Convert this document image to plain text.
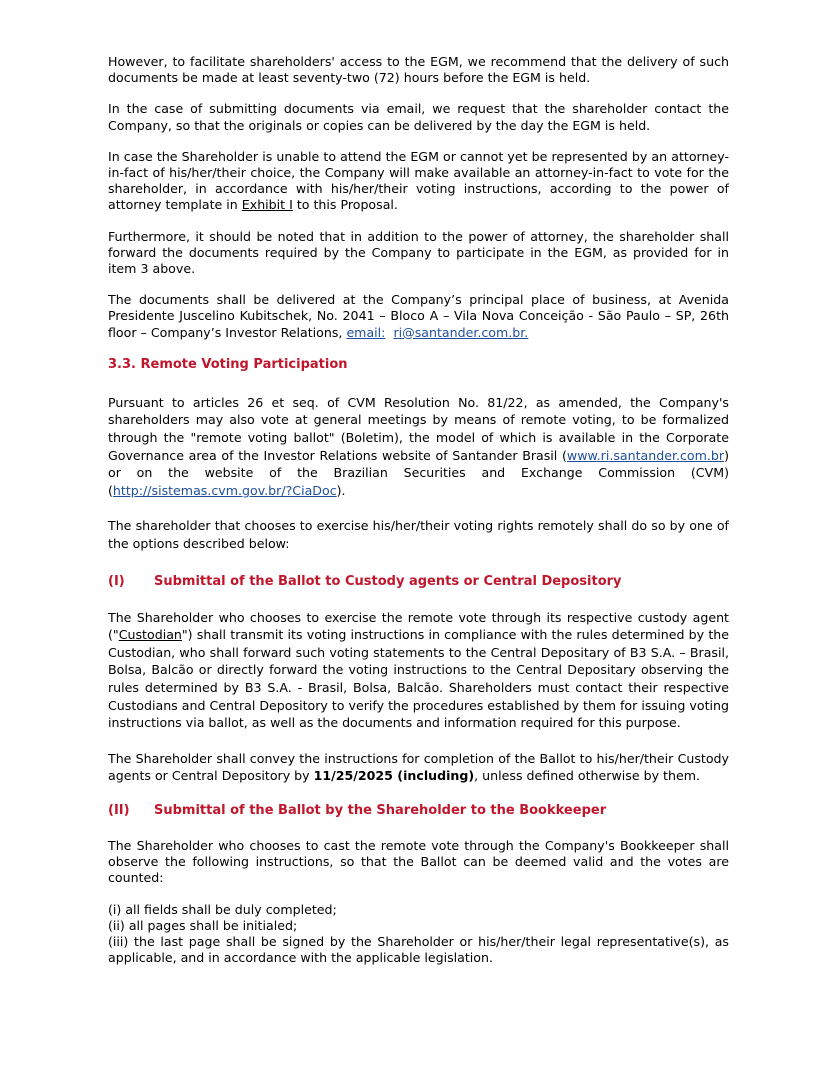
However, to facilitate shareholders' access to the EGM, we recommend that the delivery of such documents be made at least seventy-two (72) hours before the EGM is held.

In the case of submitting documents via email, we request that the shareholder contact the Company, so that the originals or copies can be delivered by the day the EGM is held.

In case the Shareholder is unable to attend the EGM or cannot yet be represented by an attorney-in-fact of his/her/their choice, the Company will make available an attorney-in-fact to vote for the shareholder, in accordance with his/her/their voting instructions, according to the power of attorney template in Exhibit I to this Proposal.

Furthermore, it should be noted that in addition to the power of attorney, the shareholder shall forward the documents required by the Company to participate in the EGM, as provided for in item 3 above.

The documents shall be delivered at the Company’s principal place of business, at Avenida Presidente Juscelino Kubitschek, No. 2041 – Bloco A – Vila Nova Conceição - São Paulo – SP, 26th floor – Company’s Investor Relations, email: ri@santander.com.br.

3.3. Remote Voting Participation

Pursuant to articles 26 et seq. of CVM Resolution No. 81/22, as amended, the Company's shareholders may also vote at general meetings by means of remote voting, to be formalized through the "remote voting ballot" (Boletim), the model of which is available in the Corporate Governance area of the Investor Relations website of Santander Brasil (www.ri.santander.com.br) or on the website of the Brazilian Securities and Exchange Commission (CVM) (http://sistemas.cvm.gov.br/?CiaDoc).

The shareholder that chooses to exercise his/her/their voting rights remotely shall do so by one of the options described below:

(I)	Submittal of the Ballot to Custody agents or Central Depository

The Shareholder who chooses to exercise the remote vote through its respective custody agent ("Custodian") shall transmit its voting instructions in compliance with the rules determined by the Custodian, who shall forward such voting statements to the Central Depositary of B3 S.A. – Brasil, Bolsa, Balcão or directly forward the voting instructions to the Central Depositary observing the rules determined by B3 S.A. - Brasil, Bolsa, Balcão. Shareholders must contact their respective Custodians and Central Depository to verify the procedures established by them for issuing voting instructions via ballot, as well as the documents and information required for this purpose.

The Shareholder shall convey the instructions for completion of the Ballot to his/her/their Custody agents or Central Depository by 11/25/2025 (including), unless defined otherwise by them.

(II)	Submittal of the Ballot by the Shareholder to the Bookkeeper

The Shareholder who chooses to cast the remote vote through the Company's Bookkeeper shall observe the following instructions, so that the Ballot can be deemed valid and the votes are counted:

(i) all fields shall be duly completed;

(ii) all pages shall be initialed;

(iii) the last page shall be signed by the Shareholder or his/her/their legal representative(s), as applicable, and in accordance with the applicable legislation.
